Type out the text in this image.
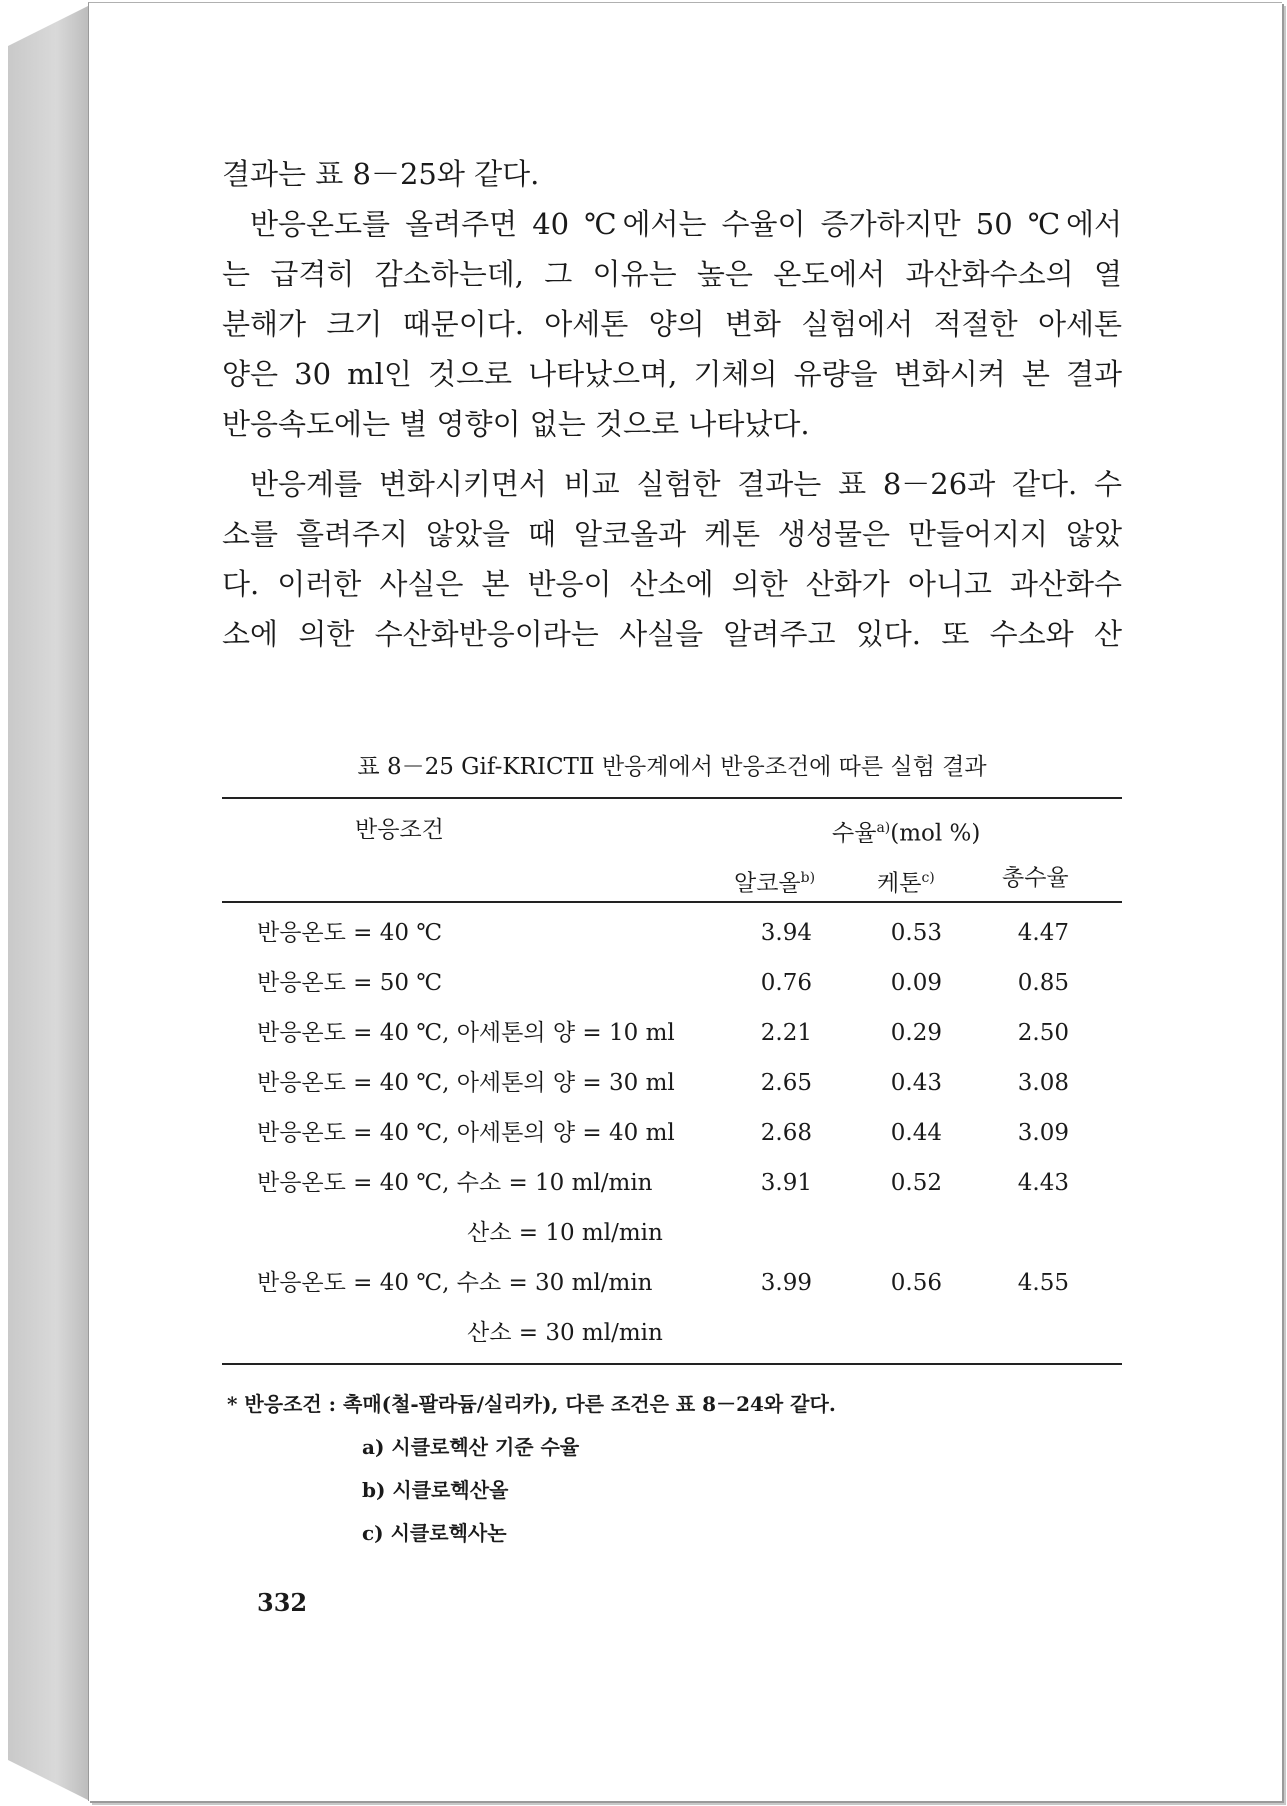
결과는 표 8－25와 같다.
반응온도를 올려주면 40 ℃에서는 수율이 증가하지만 50 ℃에서
는 급격히 감소하는데, 그 이유는 높은 온도에서 과산화수소의 열
분해가 크기 때문이다. 아세톤 양의 변화 실험에서 적절한 아세톤
양은 30 ml인 것으로 나타났으며, 기체의 유량을 변화시켜 본 결과
반응속도에는 별 영향이 없는 것으로 나타났다.
반응계를 변화시키면서 비교 실험한 결과는 표 8－26과 같다. 수
소를 흘려주지 않았을 때 알코올과 케톤 생성물은 만들어지지 않았
다. 이러한 사실은 본 반응이 산소에 의한 산화가 아니고 과산화수
소에 의한 수산화반응이라는 사실을 알려주고 있다. 또 수소와 산
표 8－25 Gif-KRICTⅡ 반응계에서 반응조건에 따른 실험 결과
반응조건	수율$^{a)}$(mol %)
알코올$^{b)}$	케톤$^{c)}$	총수율
반응온도 = 40 ℃	3.94	0.53	4.47
반응온도 = 50 ℃	0.76	0.09	0.85
반응온도 = 40 ℃, 아세톤의 양 = 10 ml	2.21	0.29	2.50
반응온도 = 40 ℃, 아세톤의 양 = 30 ml	2.65	0.43	3.08
반응온도 = 40 ℃, 아세톤의 양 = 40 ml	2.68	0.44	3.09
반응온도 = 40 ℃, 수소 = 10 ml/min
산소 = 10 ml/min
3.91	0.52	4.43
반응온도 = 40 ℃, 수소 = 30 ml/min
산소 = 30 ml/min
3.99	0.56	4.55
* 반응조건 : 촉매(철-팔라듐/실리카), 다른 조건은 표 8－24와 같다.
a) 시클로헥산 기준 수율
b) 시클로헥산올
c) 시클로헥사논
332
